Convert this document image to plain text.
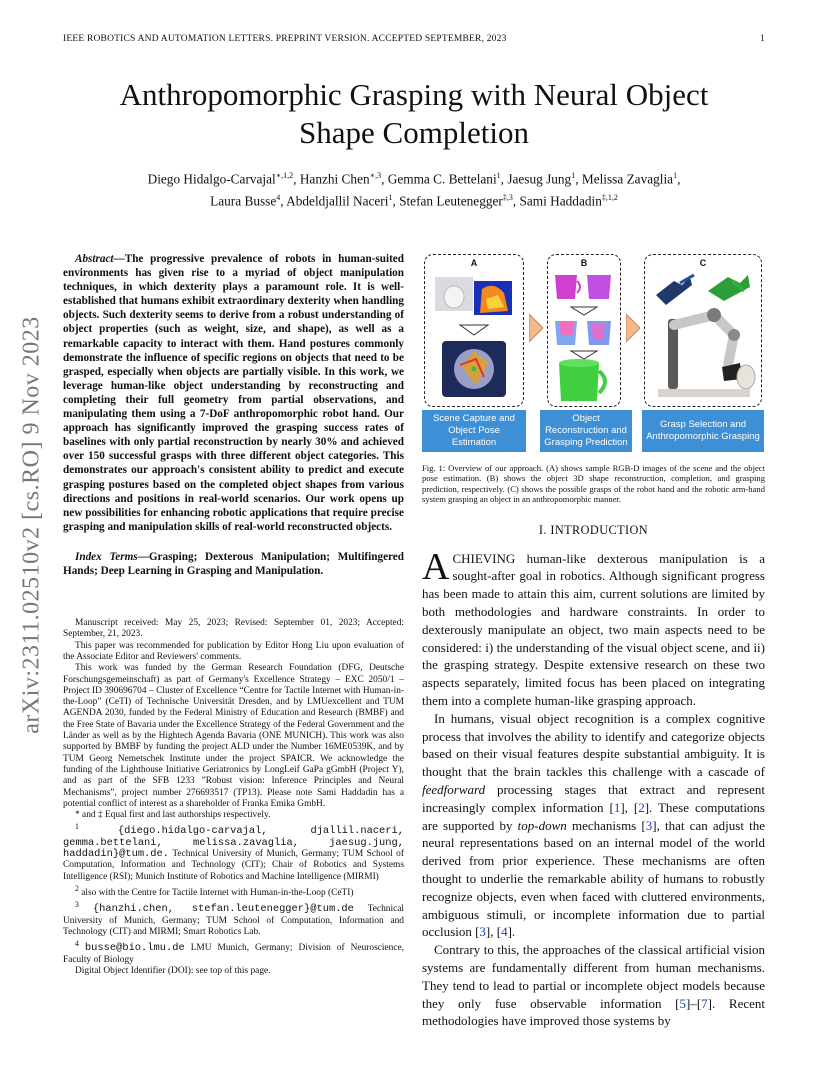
IEEE ROBOTICS AND AUTOMATION LETTERS. PREPRINT VERSION. ACCEPTED SEPTEMBER, 2023	1
arXiv:2311.02510v2 [cs.RO] 9 Nov 2023
Anthropomorphic Grasping with Neural Object Shape Completion
Diego Hidalgo-Carvajal$^{∗,1,2}$, Hanzhi Chen$^{∗,3}$, Gemma C. Bettelani$^1$, Jaesug Jung$^1$, Melissa Zavaglia$^1$,
Laura Busse$^4$, Abdeldjallil Naceri$^1$, Stefan Leutenegger$^{\ddagger,3}$, Sami Haddadin$^{\ddagger,1,2}$

Abstract—The progressive prevalence of robots in human-suited environments has given rise to a myriad of object manipulation techniques, in which dexterity plays a paramount role. It is well-established that humans exhibit extraordinary dexterity when handling objects. Such dexterity seems to derive from a robust understanding of object properties (such as weight, size, and shape), as well as a remarkable capacity to interact with them. Hand postures commonly demonstrate the influence of specific regions on objects that need to be grasped, especially when objects are partially visible. In this work, we leverage human-like object understanding by reconstructing and completing their full geometry from partial observations, and manipulating them using a 7-DoF anthropomorphic robot hand. Our approach has significantly improved the grasping success rates of baselines with only partial reconstruction by nearly 30% and achieved over 150 successful grasps with three different object categories. This demonstrates our approach's consistent ability to predict and execute grasping postures based on the completed object shapes from various directions and positions in real-world scenarios. Our work opens up new possibilities for enhancing robotic applications that require precise grasping and manipulation skills of real-world reconstructed objects.

Index Terms—Grasping; Dexterous Manipulation; Multifingered Hands; Deep Learning in Grasping and Manipulation.

Manuscript received: May 25, 2023; Revised: September 01, 2023; Accepted: September, 21, 2023.

This paper was recommended for publication by Editor Hong Liu upon evaluation of the Associate Editor and Reviewers' comments.

This work was funded by the German Research Foundation (DFG, Deutsche Forschungsgemeinschaft) as part of Germany's Excellence Strategy – EXC 2050/1 – Project ID 390696704 – Cluster of Excellence “Centre for Tactile Internet with Human-in-the-Loop” (CeTI) of Technische Universität Dresden, and by LMUexcellent and TUM AGENDA 2030, funded by the Federal Ministry of Education and Research (BMBF) and the Free State of Bavaria under the Excellence Strategy of the Federal Government and the Länder as well as by the Hightech Agenda Bavaria (ONE MUNICH). This work was also supported by BMBF by funding the project ALD under the Number 16ME0539K, and by TUM Georg Nemetschek Institute under the project SPAICR. We acknowledge the funding of the Lighthouse Initiative Geriatronics by LongLeif GaPa gGmbH (Project Y), and as part of the SFB 1233 ”Robust vision: Inference Principles and Neural Mechanisms”, project number 276693517 (TP13). Please note Sami Haddadin has a potential conflict of interest as a shareholder of Franka Emika GmbH.

* and ‡ Equal first and last authorships respectively.

$^1$	{diego.hidalgo-carvajal, djallil.naceri, gemma.bettelani, melissa.zavaglia, jaesug.jung, haddadin}@tum.de. Technical University of Munich, Germany; TUM School of Computation, Information and Technology (CIT); Chair of Robotics and Systems Intelligence (RSI); Munich Institute of Robotics and Machine Intelligence (MIRMI)

$^2$ also with the Centre for Tactile Internet with Human-in-the-Loop (CeTI)

$^3$ {hanzhi.chen, stefan.leutenegger}@tum.de Technical University of Munich, Germany; TUM School of Computation, Information and Technology (CIT) and MIRMI; Smart Robotics Lab.

$^4$ busse@bio.lmu.de LMU Munich, Germany; Division of Neuroscience, Faculty of Biology

Digital Object Identifier (DOI): see top of this page.

A	B	C
Scene Capture and Object Pose Estimation
Object Reconstruction and Grasping Prediction
Grasp Selection and Anthropomorphic Grasping

Fig. 1: Overview of our approach. (A) shows sample RGB-D images of the scene and the object pose estimation. (B) shows the object 3D shape reconstruction, completion, and grasping prediction, respectively. (C) shows the possible grasps of the robot hand and the robotic arm-hand system grasping an object in an anthropomorphic manner.

I. INTRODUCTION

ACHIEVING human-like dexterous manipulation is a sought-after goal in robotics. Although significant progress has been made to attain this aim, current solutions are limited by both methodologies and hardware constraints. In order to dexterously manipulate an object, two main aspects need to be considered: i) the understanding of the visual object scene, and ii) the grasping strategy. Despite extensive research on these two aspects separately, limited focus has been placed on integrating them into a complete human-like grasping approach.

In humans, visual object recognition is a complex cognitive process that involves the ability to identify and categorize objects based on their visual features despite substantial ambiguity. It is thought that the brain tackles this challenge with a cascade of feedforward processing stages that extract and represent increasingly complex information [1], [2]. These computations are supported by top-down mechanisms [3], that can adjust the neural representations based on an internal model of the world derived from prior experience. These mechanisms are often thought to underlie the remarkable ability of humans to robustly recognize objects, even when faced with cluttered environments, ambiguous stimuli, or incomplete information due to partial occlusion [3], [4].

Contrary to this, the approaches of the classical artificial vision systems are fundamentally different from human mechanisms. They tend to lead to partial or incomplete object models because they only fuse observable information [5]–[7]. Recent methodologies have improved those systems by
